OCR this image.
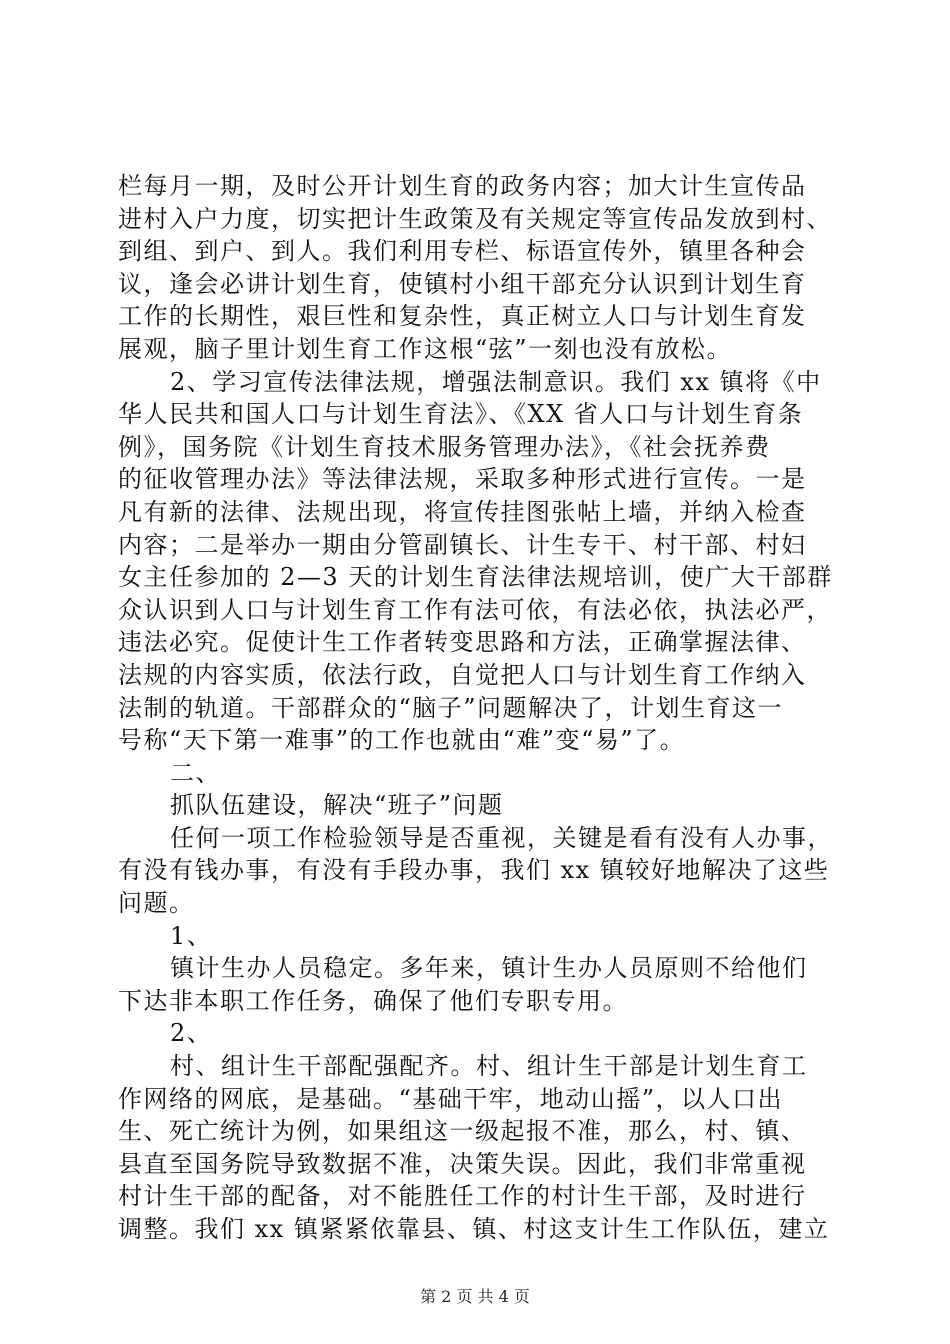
栏每月一期，及时公开计划生育的政务内容；加大计生宣传品
进村入户力度，切实把计生政策及有关规定等宣传品发放到村、
到组、到户、到人。我们利用专栏、标语宣传外，镇里各种会
议，逢会必讲计划生育，使镇村小组干部充分认识到计划生育
工作的长期性，艰巨性和复杂性，真正树立人口与计划生育发
展观，脑子里计划生育工作这根“弦”一刻也没有放松。
2、学习宣传法律法规，增强法制意识。我们 xx 镇将《中
华人民共和国人口与计划生育法》、《XX 省人口与计划生育条
例》，国务院《计划生育技术服务管理办法》，《社会抚养费
的征收管理办法》等法律法规，采取多种形式进行宣传。一是
凡有新的法律、法规出现，将宣传挂图张帖上墙，并纳入检查
内容；二是举办一期由分管副镇长、计生专干、村干部、村妇
女主任参加的 2—3 天的计划生育法律法规培训，使广大干部群
众认识到人口与计划生育工作有法可依，有法必依，执法必严，
违法必究。促使计生工作者转变思路和方法，正确掌握法律、
法规的内容实质，依法行政，自觉把人口与计划生育工作纳入
法制的轨道。干部群众的“脑子”问题解决了，计划生育这一
号称“天下第一难事”的工作也就由“难”变“易”了。
二、
抓队伍建设，解决“班子”问题
任何一项工作检验领导是否重视，关键是看有没有人办事，
有没有钱办事，有没有手段办事，我们 xx 镇较好地解决了这些
问题。
1、
镇计生办人员稳定。多年来，镇计生办人员原则不给他们
下达非本职工作任务，确保了他们专职专用。
2、
村、组计生干部配强配齐。村、组计生干部是计划生育工
作网络的网底，是基础。“基础干牢，地动山摇”，以人口出
生、死亡统计为例，如果组这一级起报不准，那么，村、镇、
县直至国务院导致数据不准，决策失误。因此，我们非常重视
村计生干部的配备，对不能胜任工作的村计生干部，及时进行
调整。我们 xx 镇紧紧依靠县、镇、村这支计生工作队伍，建立
第 2 页 共 4 页
